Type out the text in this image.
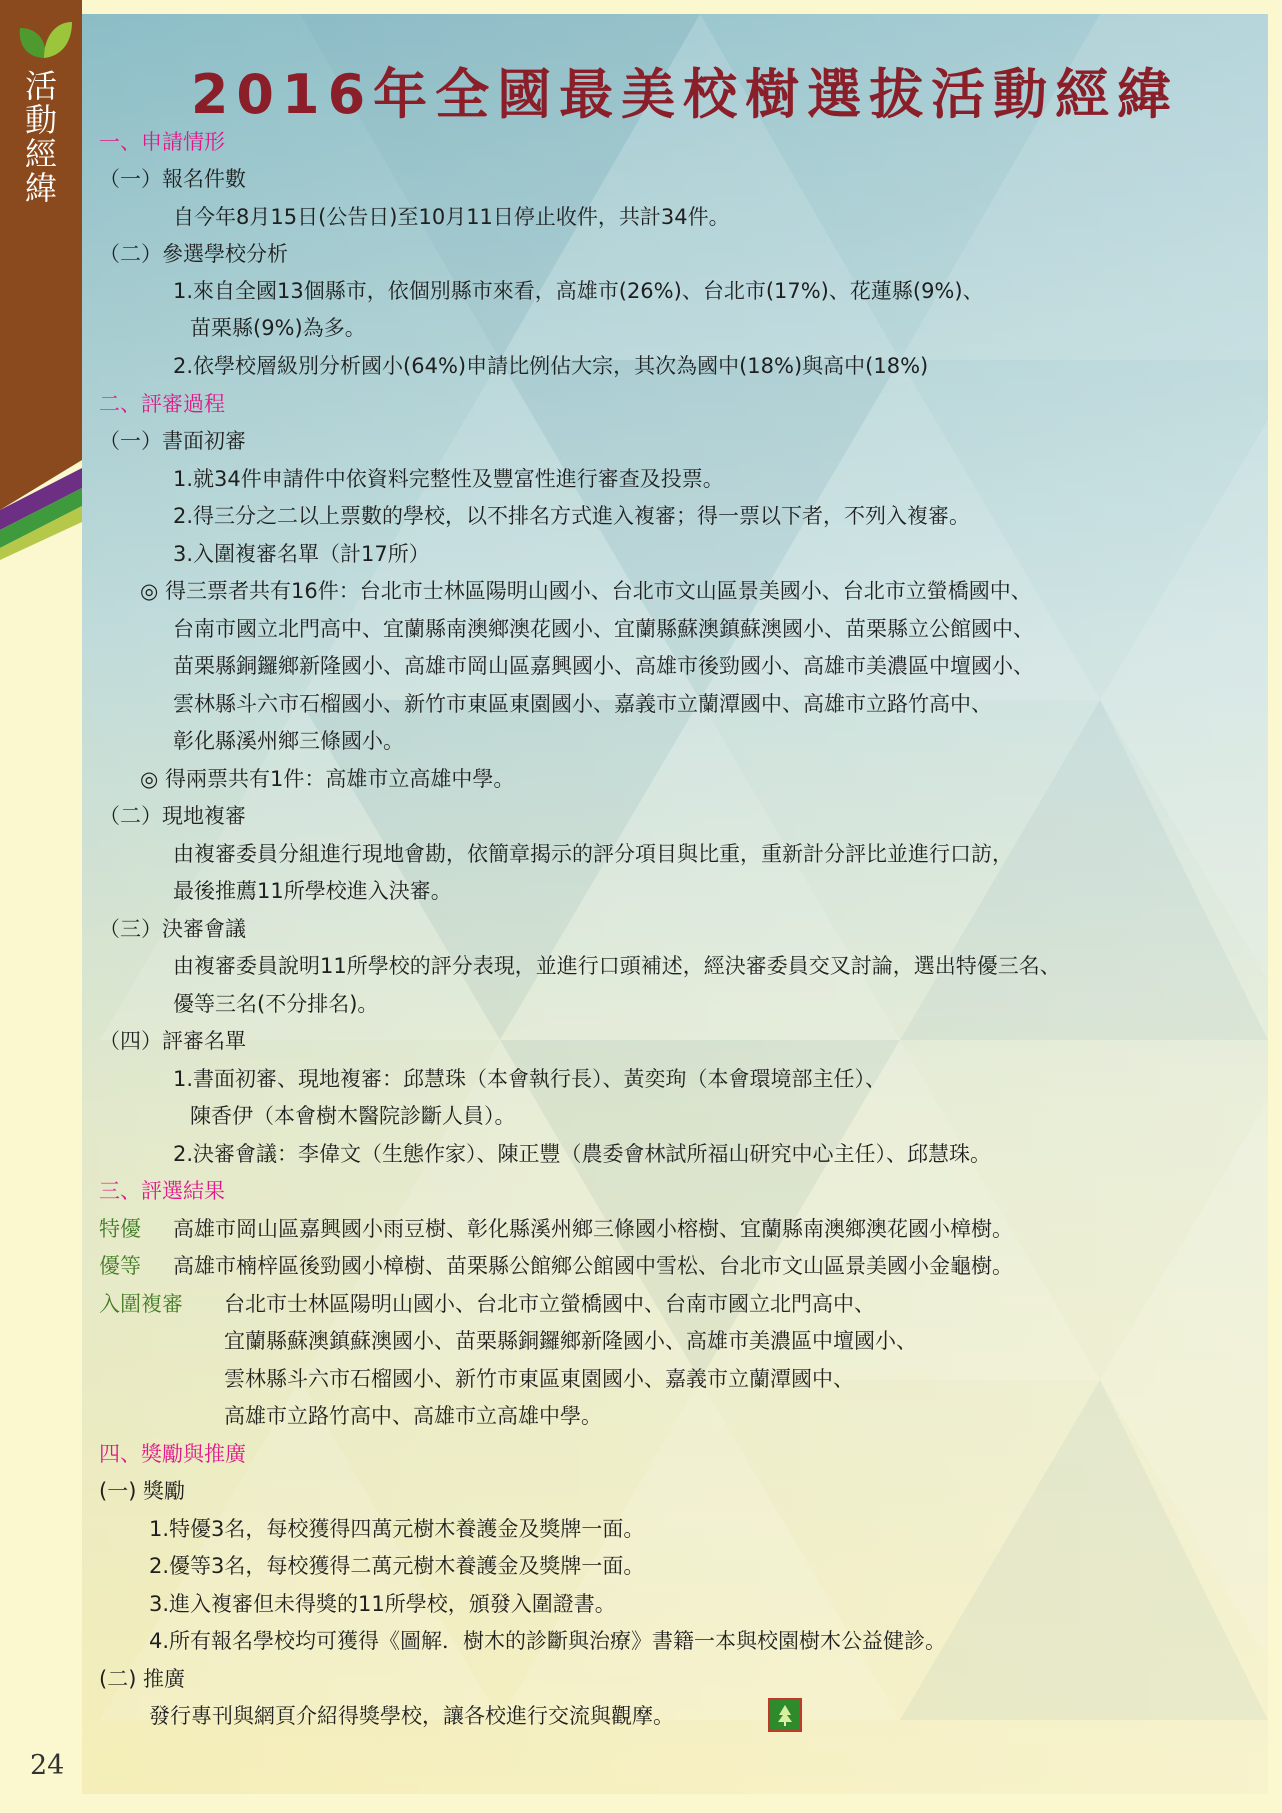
活
動
經
緯
2016年全國最美校樹選拔活動經緯
一、申請情形
（一）報名件數
自今年8月15日(公告日)至10月11日停止收件，共計34件。
（二）參選學校分析
1.來自全國13個縣市，依個別縣市來看，高雄市(26%)、台北市(17%)、花蓮縣(9%)、
苗栗縣(9%)為多。
2.依學校層級別分析國小(64%)申請比例佔大宗，其次為國中(18%)與高中(18%)
二、評審過程
（一）書面初審
1.就34件申請件中依資料完整性及豐富性進行審查及投票。
2.得三分之二以上票數的學校，以不排名方式進入複審；得一票以下者，不列入複審。
3.入圍複審名單（計17所）
◎ 得三票者共有16件：台北市士林區陽明山國小、台北市文山區景美國小、台北市立螢橋國中、
台南市國立北門高中、宜蘭縣南澳鄉澳花國小、宜蘭縣蘇澳鎮蘇澳國小、苗栗縣立公館國中、
苗栗縣銅鑼鄉新隆國小、高雄市岡山區嘉興國小、高雄市後勁國小、高雄市美濃區中壇國小、
雲林縣斗六市石榴國小、新竹市東區東園國小、嘉義市立蘭潭國中、高雄市立路竹高中、
彰化縣溪州鄉三條國小。
◎ 得兩票共有1件：高雄市立高雄中學。
（二）現地複審
由複審委員分組進行現地會勘，依簡章揭示的評分項目與比重，重新計分評比並進行口訪，
最後推薦11所學校進入決審。
（三）決審會議
由複審委員說明11所學校的評分表現，並進行口頭補述，經決審委員交叉討論，選出特優三名、
優等三名(不分排名)。
（四）評審名單
1.書面初審、現地複審：邱慧珠（本會執行長）、黃奕珣（本會環境部主任）、
陳香伊（本會樹木醫院診斷人員）。
2.決審會議：李偉文（生態作家）、陳正豐（農委會林試所福山研究中心主任）、邱慧珠。
三、評選結果
特優 高雄市岡山區嘉興國小雨豆樹、彰化縣溪州鄉三條國小榕樹、宜蘭縣南澳鄉澳花國小樟樹。
優等 高雄市楠梓區後勁國小樟樹、苗栗縣公館鄉公館國中雪松、台北市文山區景美國小金龜樹。
入圍複審 台北市士林區陽明山國小、台北市立螢橋國中、台南市國立北門高中、
宜蘭縣蘇澳鎮蘇澳國小、苗栗縣銅鑼鄉新隆國小、高雄市美濃區中壇國小、
雲林縣斗六市石榴國小、新竹市東區東園國小、嘉義市立蘭潭國中、
高雄市立路竹高中、高雄市立高雄中學。
四、獎勵與推廣
(一) 獎勵
1.特優3名，每校獲得四萬元樹木養護金及獎牌一面。
2.優等3名，每校獲得二萬元樹木養護金及獎牌一面。
3.進入複審但未得獎的11所學校，頒發入圍證書。
4.所有報名學校均可獲得《圖解．樹木的診斷與治療》書籍一本與校園樹木公益健診。
(二) 推廣
發行專刊與網頁介紹得獎學校，讓各校進行交流與觀摩。
24
